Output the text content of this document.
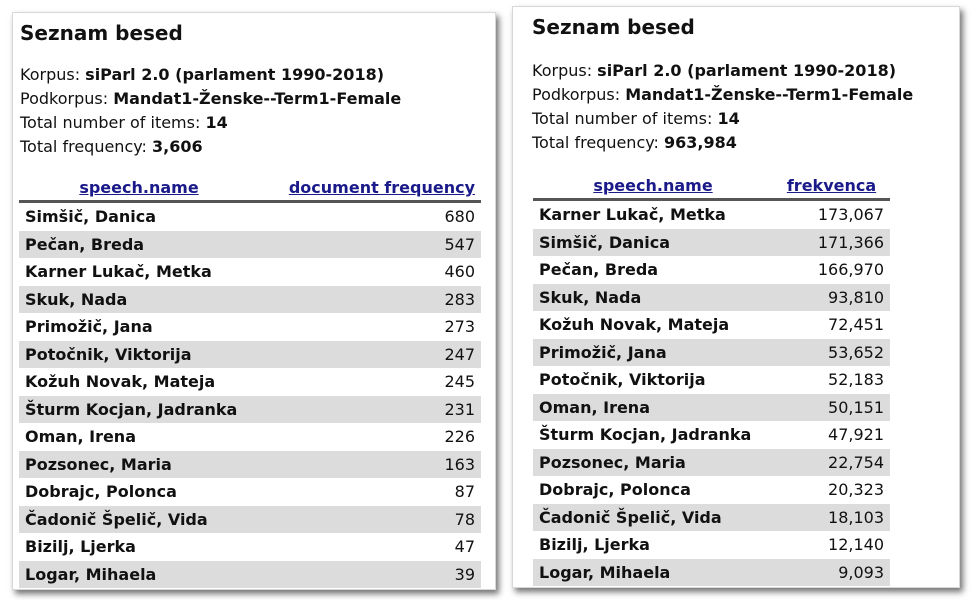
Seznam besed
Korpus: siParl 2.0 (parlament 1990-2018)
Podkorpus: Mandat1-Ženske--Term1-Female
Total number of items: 14
Total frequency: 3,606
speech.name	document frequency
Simšič, Danica	680
Pečan, Breda	547
Karner Lukač, Metka	460
Skuk, Nada	283
Primožič, Jana	273
Potočnik, Viktorija	247
Kožuh Novak, Mateja	245
Šturm Kocjan, Jadranka	231
Oman, Irena	226
Pozsonec, Maria	163
Dobrajc, Polonca	87
Čadonič Špelič, Vida	78
Bizilj, Ljerka	47
Logar, Mihaela	39
Seznam besed
Korpus: siParl 2.0 (parlament 1990-2018)
Podkorpus: Mandat1-Ženske--Term1-Female
Total number of items: 14
Total frequency: 963,984
speech.name	frekvenca
Karner Lukač, Metka	173,067
Simšič, Danica	171,366
Pečan, Breda	166,970
Skuk, Nada	93,810
Kožuh Novak, Mateja	72,451
Primožič, Jana	53,652
Potočnik, Viktorija	52,183
Oman, Irena	50,151
Šturm Kocjan, Jadranka	47,921
Pozsonec, Maria	22,754
Dobrajc, Polonca	20,323
Čadonič Špelič, Vida	18,103
Bizilj, Ljerka	12,140
Logar, Mihaela	9,093
